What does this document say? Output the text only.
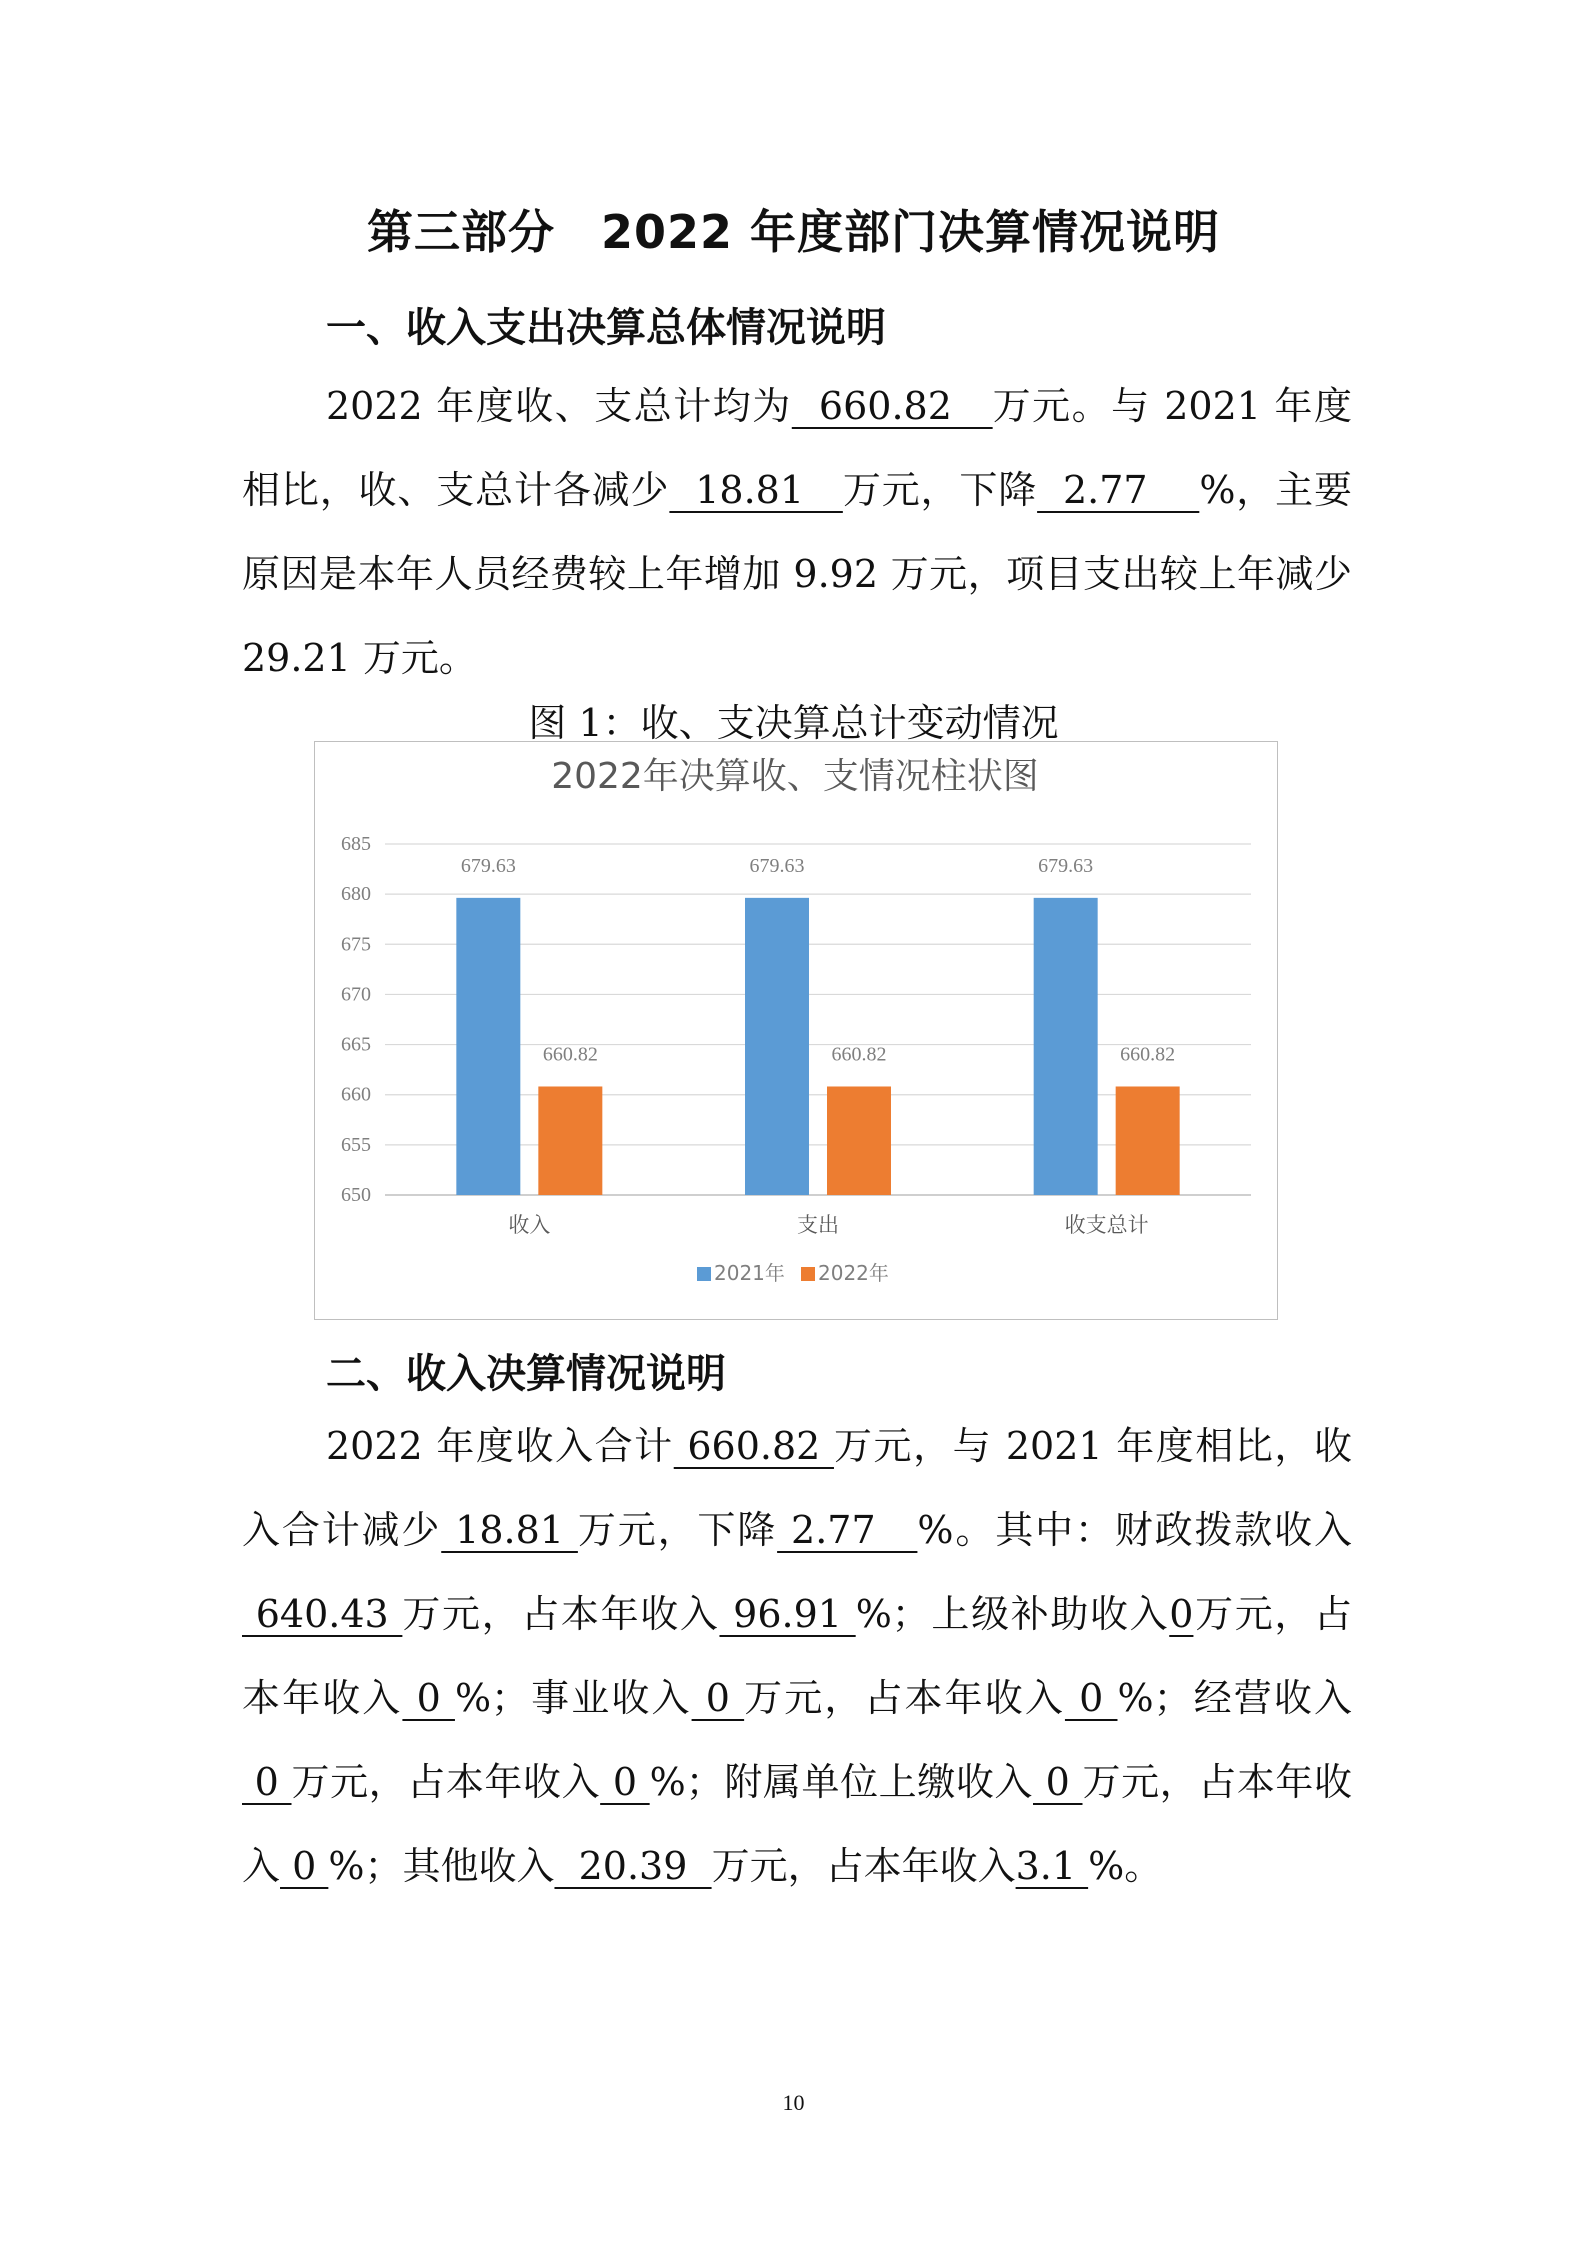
第三部分 2022 年度部门决算情况说明
一、收入支出决算总体情况说明
2022 年度收、支总计均为  660.82   万元。与 2021 年度相比，收、支总计各减少  18.81   万元，下降  2.77    %，主要原因是本年人员经费较上年增加 9.92 万元，项目支出较上年减少 29.21 万元。
图 1：收、支决算总计变动情况
2022年决算收、支情况柱状图
650
655
660
665
670
675
680
685
679.63
660.82
收入
679.63
660.82
支出
679.63
660.82
收支总计
2021年 2022年
二、收入决算情况说明
2022 年度收入合计 660.82 万元，与 2021 年度相比，收入合计减少 18.81 万元，下降 2.77   %。其中：财政拨款收入 640.43 万元，占本年收入 96.91 %；上级补助收入0万元，占本年收入 0 %；事业收入 0 万元，占本年收入 0 %；经营收入 0 万元，占本年收入 0 %；附属单位上缴收入 0 万元，占本年收入 0 %；其他收入  20.39  万元，占本年收入3.1 %。
10
